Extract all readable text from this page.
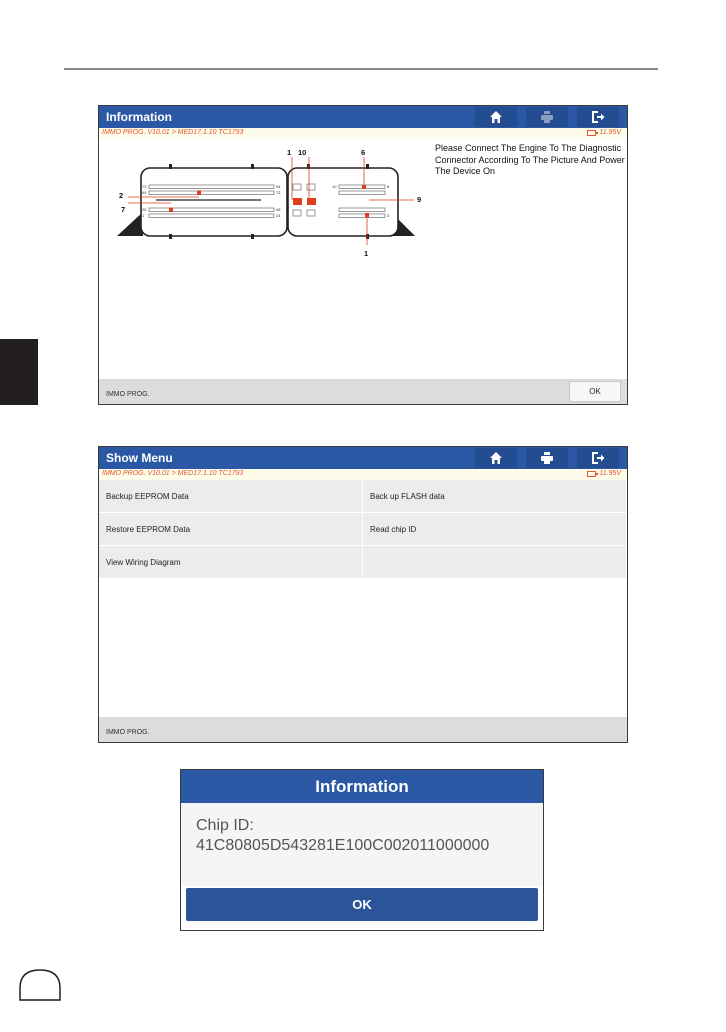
Information
IMMO PROG. V10.01 > MED17.1.10 TC1793	11.95V
1 10	6
2
7
9
1
73	94
49	72
25	48
1	24
10	8
3
Please Connect The Engine To The Diagnostic Connector According To The Picture And Power The Device On
IMMO PROG.	OK
Show Menu
IMMO PROG. V10.01 > MED17.1.10 TC1793	11.95V
Backup EEPROM Data	Back up FLASH data
Restore EEPROM Data	Read chip ID
View Wiring Diagram
IMMO PROG.
Information
Chip ID:
41C80805D543281E100C002011000000
OK
